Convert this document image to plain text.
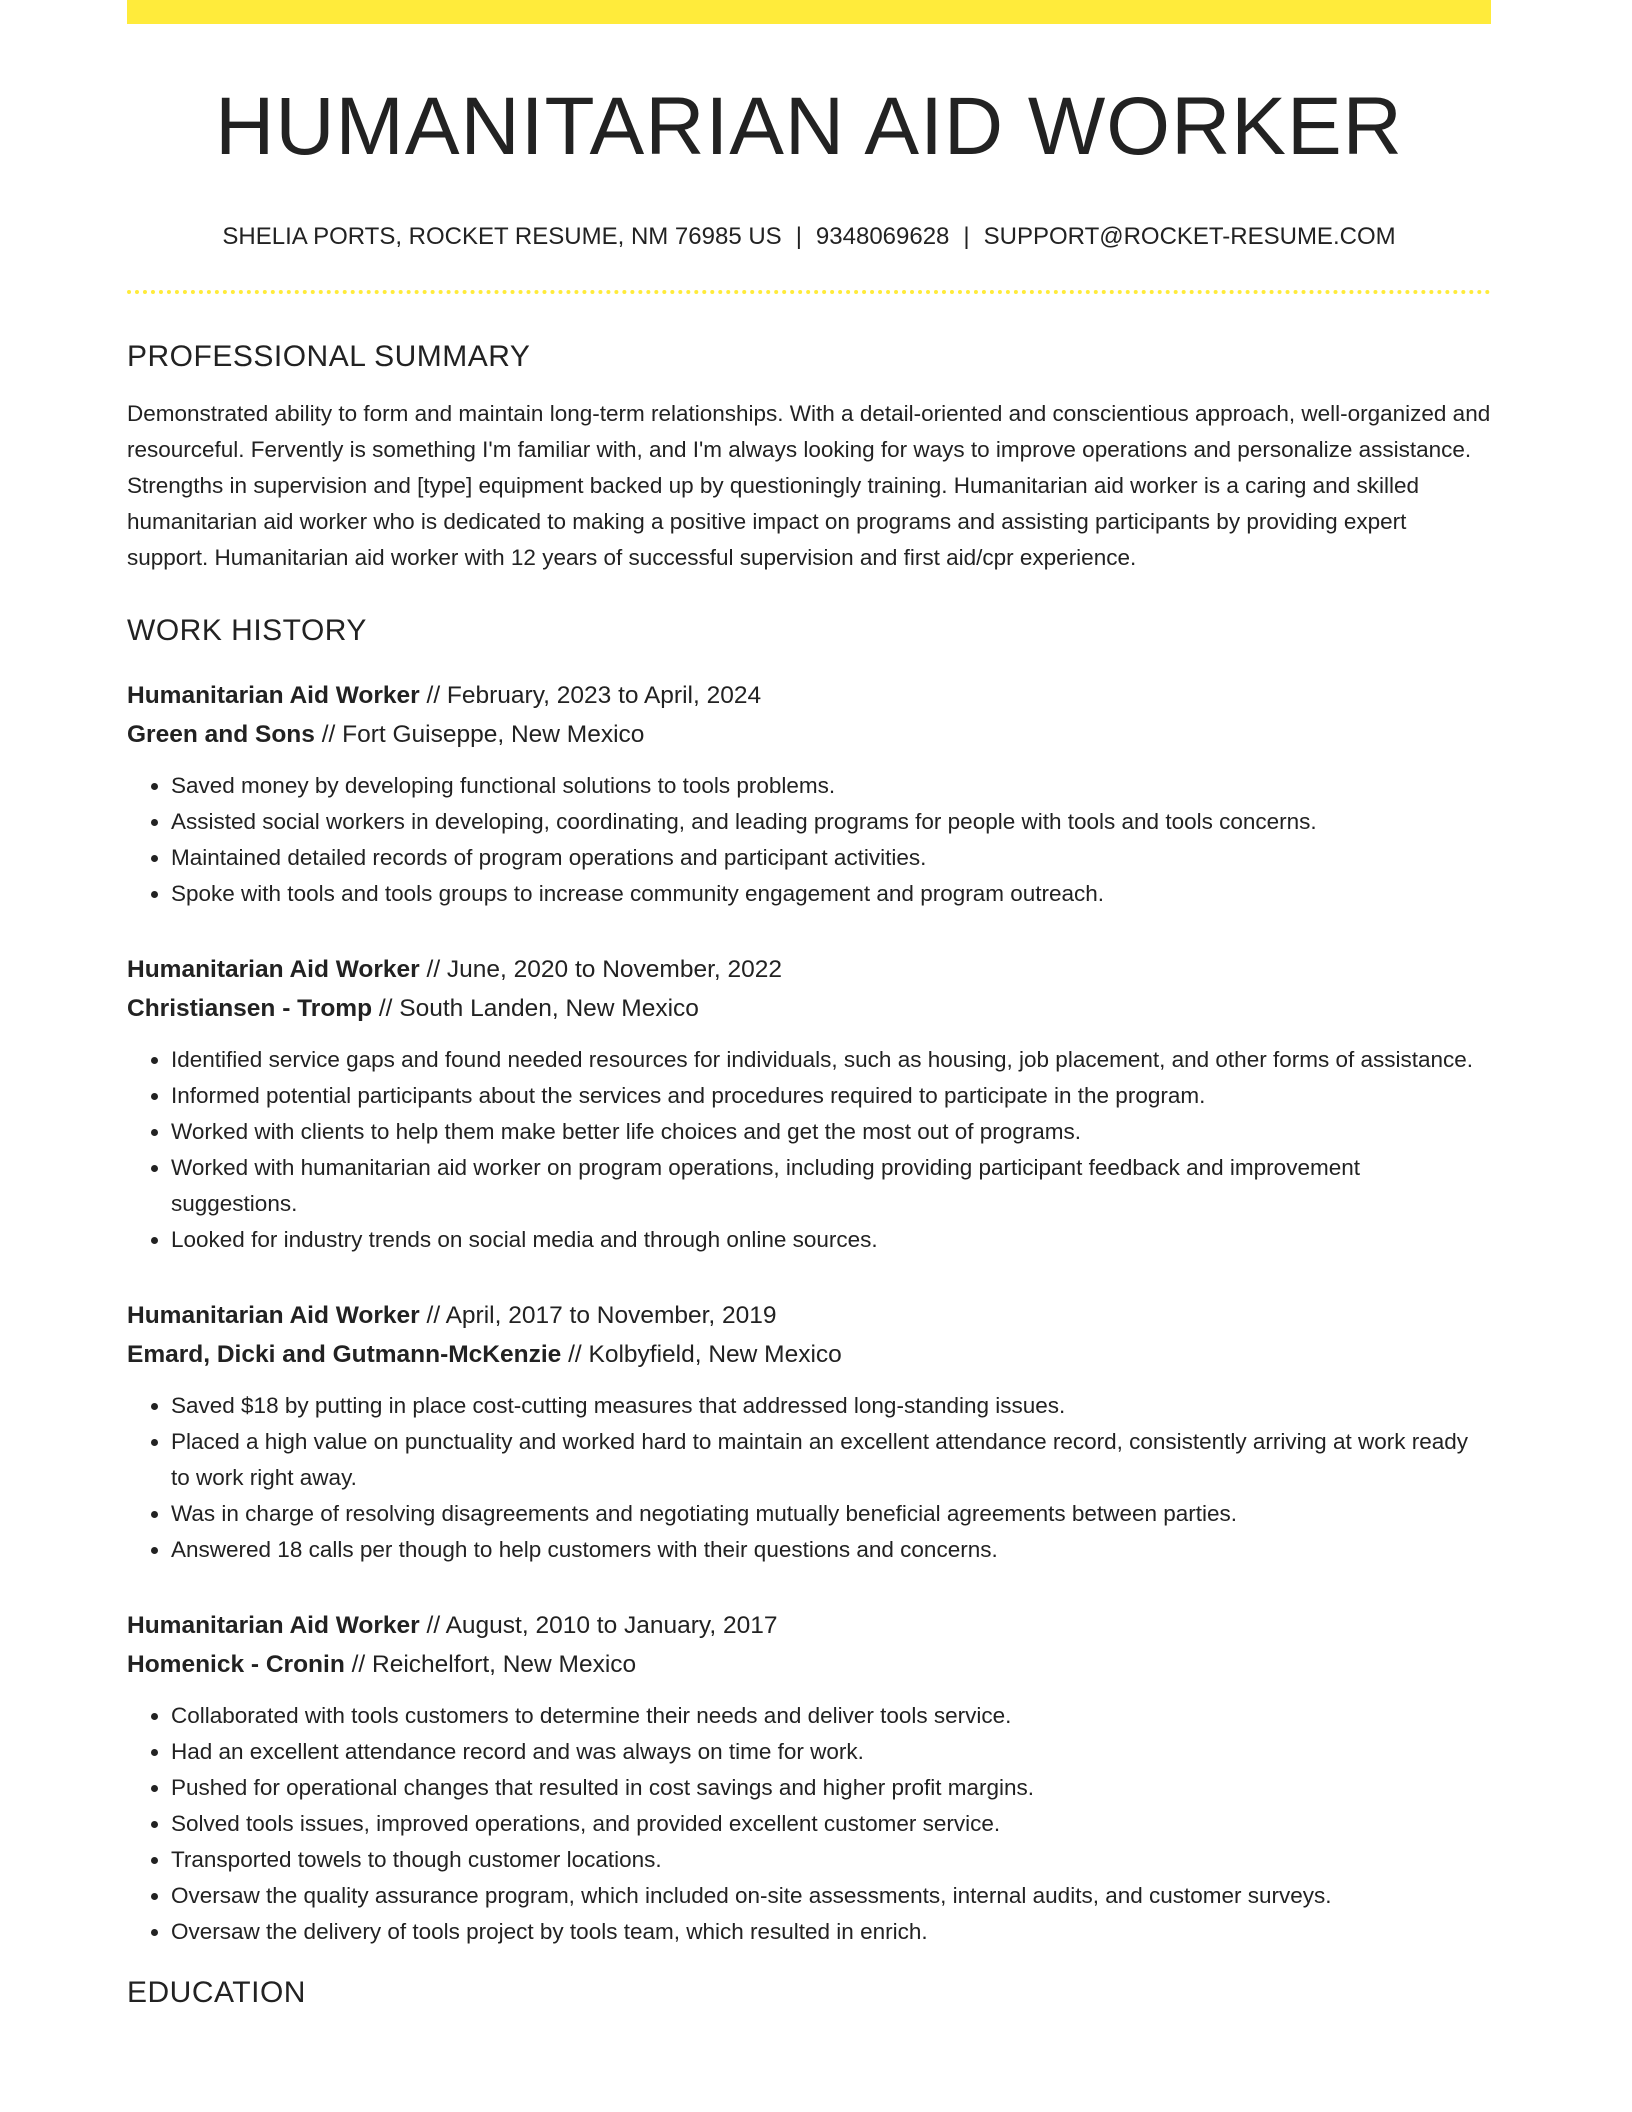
HUMANITARIAN AID WORKER
SHELIA PORTS, ROCKET RESUME, NM 76985 US | 9348069628 | SUPPORT@ROCKET-RESUME.COM
PROFESSIONAL SUMMARY

Demonstrated ability to form and maintain long-term relationships. With a detail-oriented and conscientious approach, well-organized and resourceful. Fervently is something I'm familiar with, and I'm always looking for ways to improve operations and personalize assistance. Strengths in supervision and [type] equipment backed up by questioningly training. Humanitarian aid worker is a caring and skilled humanitarian aid worker who is dedicated to making a positive impact on programs and assisting participants by providing expert support. Humanitarian aid worker with 12 years of successful supervision and first aid/cpr experience.

WORK HISTORY
Humanitarian Aid Worker // February, 2023 to April, 2024
Green and Sons // Fort Guiseppe, New Mexico
• Saved money by developing functional solutions to tools problems.
• Assisted social workers in developing, coordinating, and leading programs for people with tools and tools concerns.
• Maintained detailed records of program operations and participant activities.
• Spoke with tools and tools groups to increase community engagement and program outreach.
Humanitarian Aid Worker // June, 2020 to November, 2022
Christiansen - Tromp // South Landen, New Mexico
• Identified service gaps and found needed resources for individuals, such as housing, job placement, and other forms of assistance.
• Informed potential participants about the services and procedures required to participate in the program.
• Worked with clients to help them make better life choices and get the most out of programs.
• Worked with humanitarian aid worker on program operations, including providing participant feedback and improvement suggestions.
• Looked for industry trends on social media and through online sources.
Humanitarian Aid Worker // April, 2017 to November, 2019
Emard, Dicki and Gutmann-McKenzie // Kolbyfield, New Mexico
• Saved $18 by putting in place cost-cutting measures that addressed long-standing issues.
• Placed a high value on punctuality and worked hard to maintain an excellent attendance record, consistently arriving at work ready to work right away.
• Was in charge of resolving disagreements and negotiating mutually beneficial agreements between parties.
• Answered 18 calls per though to help customers with their questions and concerns.
Humanitarian Aid Worker // August, 2010 to January, 2017
Homenick - Cronin // Reichelfort, New Mexico
• Collaborated with tools customers to determine their needs and deliver tools service.
• Had an excellent attendance record and was always on time for work.
• Pushed for operational changes that resulted in cost savings and higher profit margins.
• Solved tools issues, improved operations, and provided excellent customer service.
• Transported towels to though customer locations.
• Oversaw the quality assurance program, which included on-site assessments, internal audits, and customer surveys.
• Oversaw the delivery of tools project by tools team, which resulted in enrich.
EDUCATION
